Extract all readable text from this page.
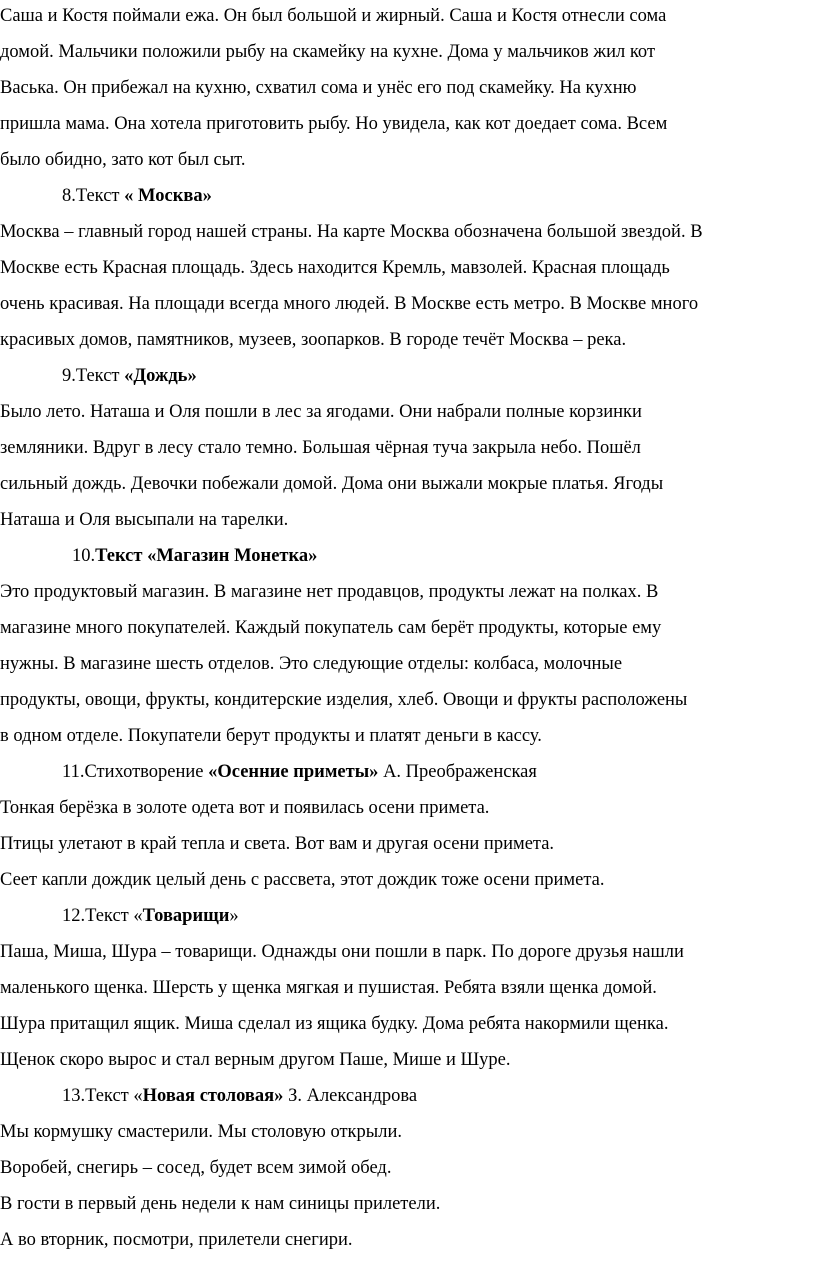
Саша и Костя поймали ежа. Он был большой и жирный. Саша и Костя отнесли сома
домой. Мальчики положили рыбу на скамейку на кухне. Дома у мальчиков жил кот
Васька. Он прибежал на кухню, схватил сома и унёс его под скамейку. На кухню
пришла мама. Она хотела приготовить рыбу. Но увидела, как кот доедает сома. Всем
было обидно, зато кот был сыт.
8.Текст « Москва»
Москва – главный город нашей страны. На карте Москва обозначена большой звездой. В
Москве есть Красная площадь. Здесь находится Кремль, мавзолей. Красная площадь
очень красивая. На площади всегда много людей. В Москве есть метро. В Москве много
красивых домов, памятников, музеев, зоопарков. В городе течёт Москва – река.
9.Текст «Дождь»
Было лето. Наташа и Оля пошли в лес за ягодами. Они набрали полные корзинки
земляники. Вдруг в лесу стало темно. Большая чёрная туча закрыла небо. Пошёл
сильный дождь. Девочки побежали домой. Дома они выжали мокрые платья. Ягоды
Наташа и Оля высыпали на тарелки.
10.Текст «Магазин Монетка»
Это продуктовый магазин. В магазине нет продавцов, продукты лежат на полках. В
магазине много покупателей. Каждый покупатель сам берёт продукты, которые ему
нужны. В магазине шесть отделов. Это следующие отделы: колбаса, молочные
продукты, овощи, фрукты, кондитерские изделия, хлеб. Овощи и фрукты расположены
в одном отделе. Покупатели берут продукты и платят деньги в кассу.
11.Стихотворение «Осенние приметы» А. Преображенская
Тонкая берёзка в золоте одета вот и появилась осени примета.
Птицы улетают в край тепла и света. Вот вам и другая осени примета.
Сеет капли дождик целый день с рассвета, этот дождик тоже осени примета.
12.Текст «Товарищи»
Паша, Миша, Шура – товарищи. Однажды они пошли в парк. По дороге друзья нашли
маленького щенка. Шерсть у щенка мягкая и пушистая. Ребята взяли щенка домой.
Шура притащил ящик. Миша сделал из ящика будку. Дома ребята накормили щенка.
Щенок скоро вырос и стал верным другом Паше, Мише и Шуре.
13.Текст «Новая столовая» З. Александрова
Мы кормушку смастерили. Мы столовую открыли.
Воробей, снегирь – сосед, будет всем зимой обед.
В гости в первый день недели к нам синицы прилетели.
А во вторник, посмотри, прилетели снегири.
